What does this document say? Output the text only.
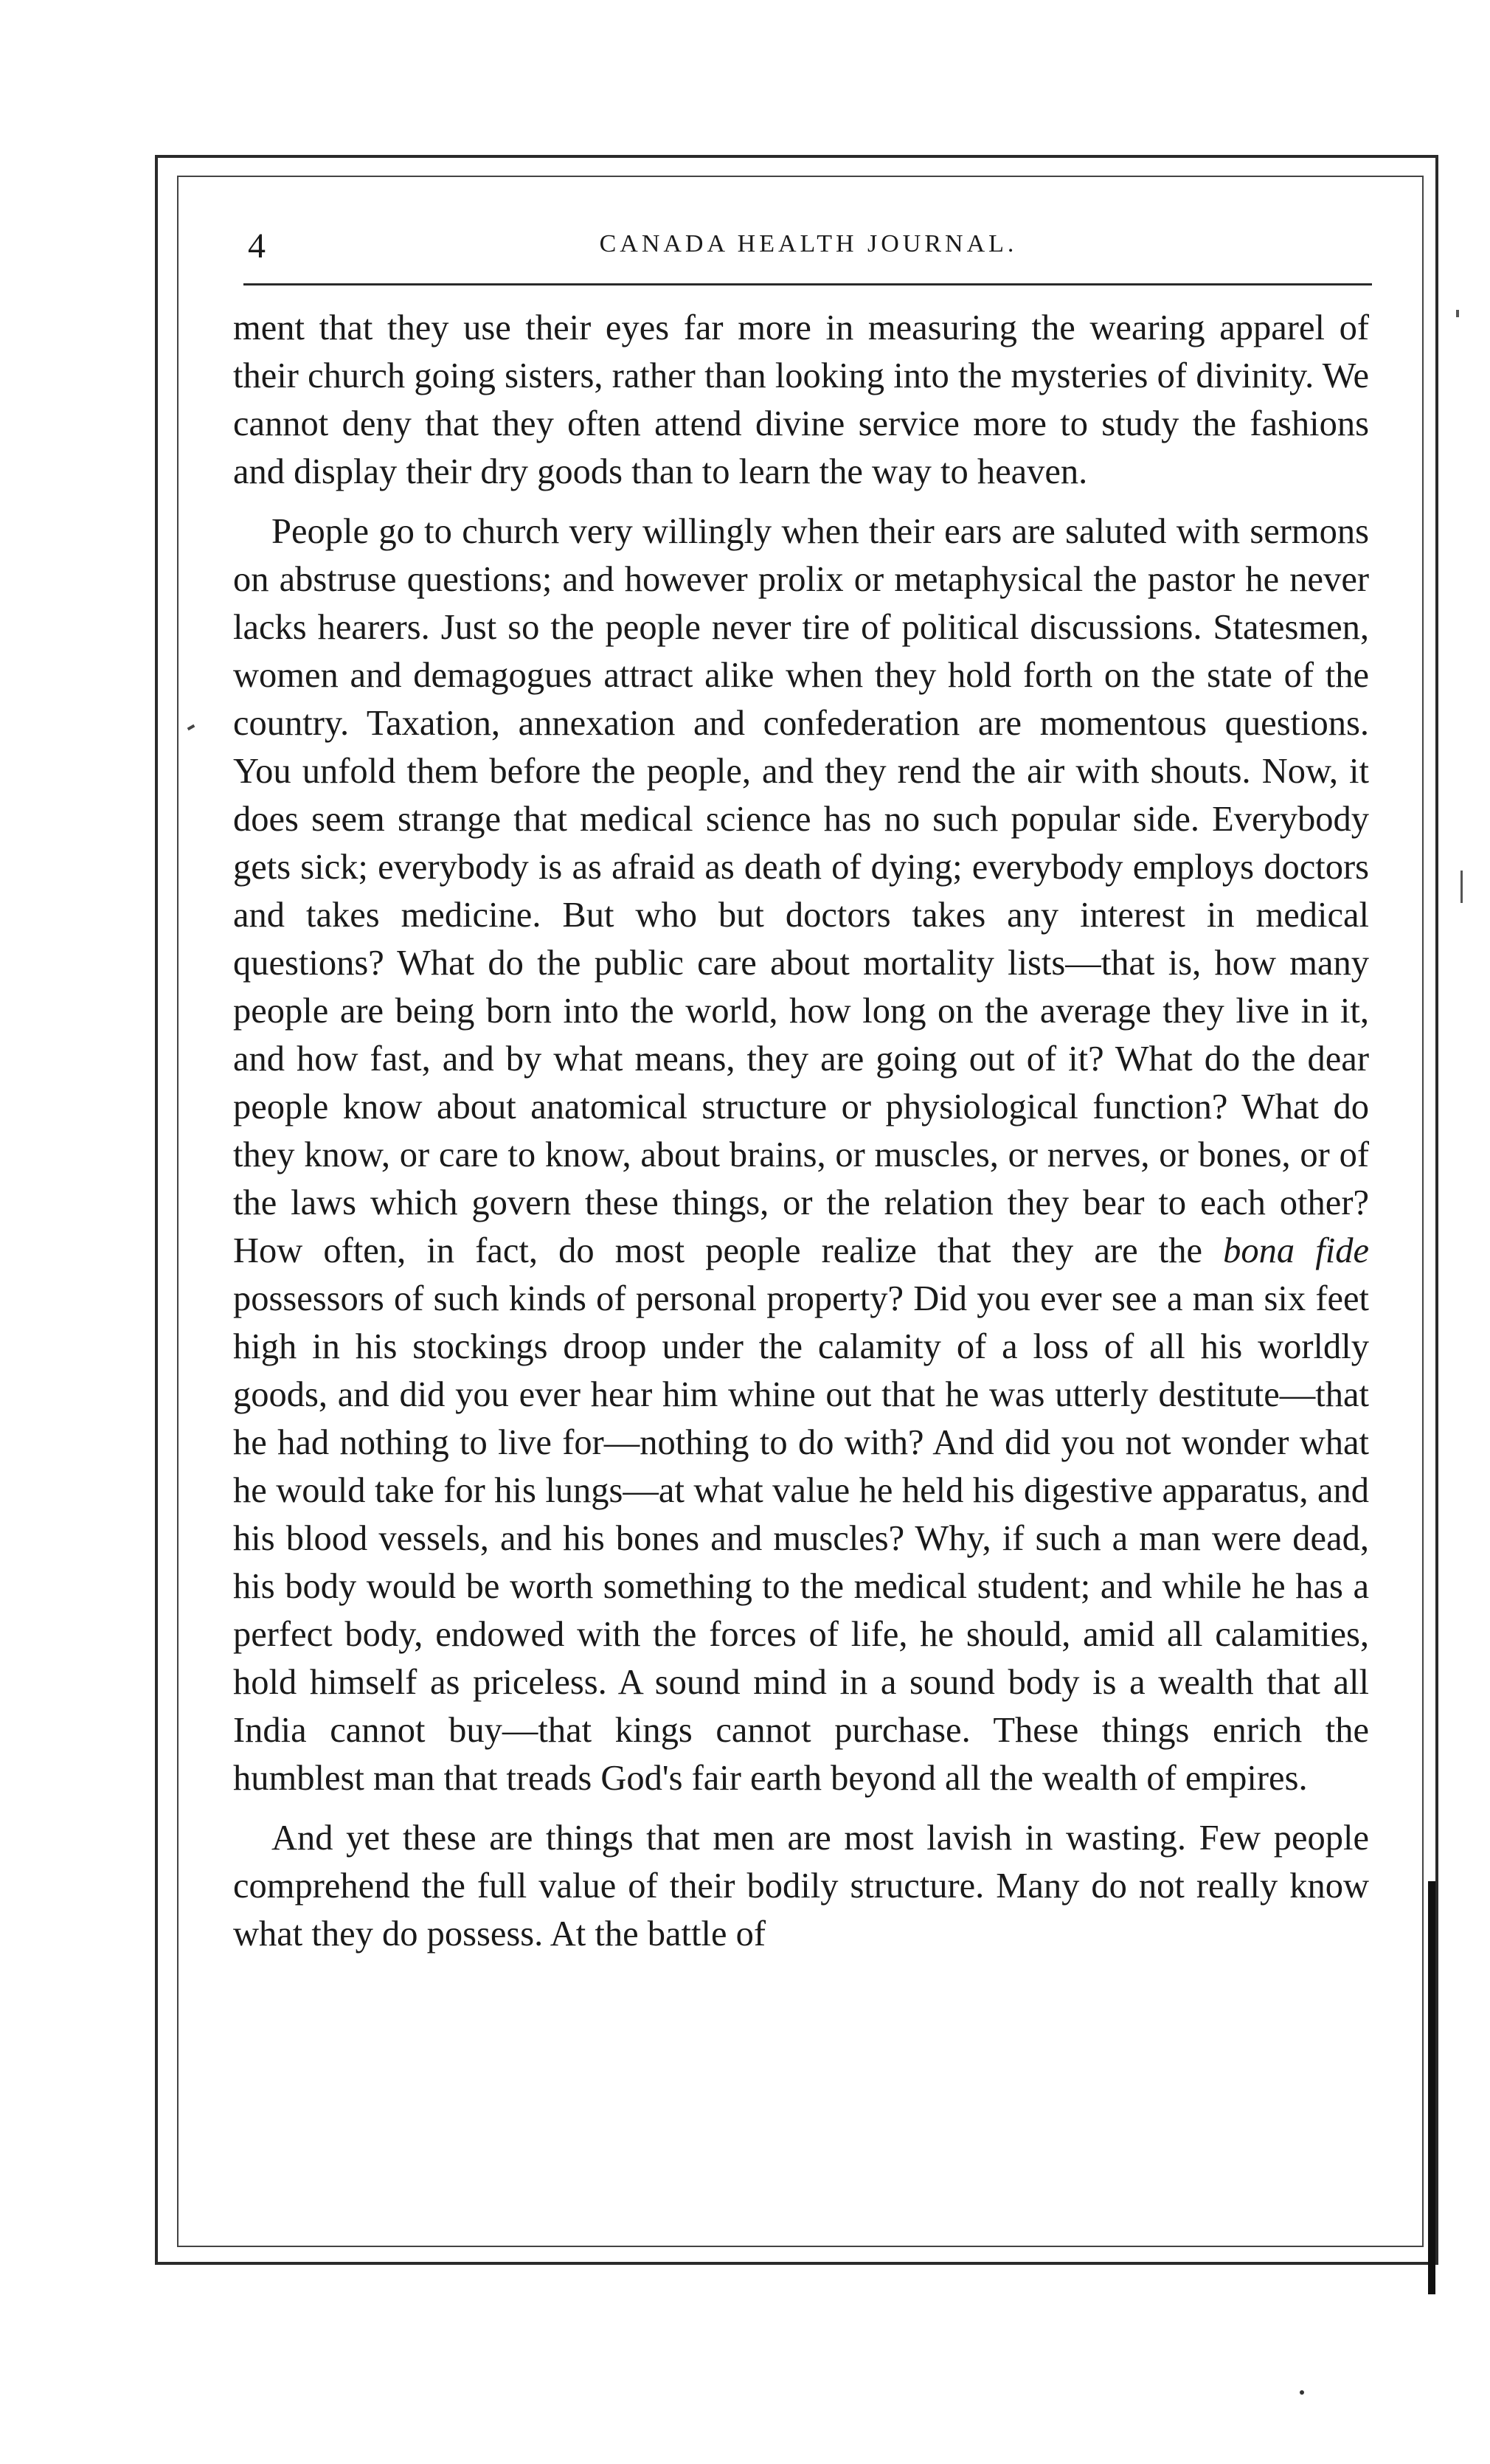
4	CANADA HEALTH JOURNAL.

ment that they use their eyes far more in measuring the wearing apparel of their church going sisters, rather than looking into the mysteries of divinity. We cannot deny that they often attend divine service more to study the fashions and display their dry goods than to learn the way to heaven.

People go to church very willingly when their ears are saluted with sermons on abstruse questions; and however prolix or metaphysical the pastor he never lacks hearers. Just so the people never tire of political discussions. Statesmen, women and demagogues attract alike when they hold forth on the state of the country. Taxation, annexation and confederation are momentous questions. You unfold them before the people, and they rend the air with shouts. Now, it does seem strange that medical science has no such popular side. Everybody gets sick; everybody is as afraid as death of dying; everybody employs doctors and takes medicine. But who but doctors takes any interest in medical questions? What do the public care about mortality lists—that is, how many people are being born into the world, how long on the average they live in it, and how fast, and by what means, they are going out of it? What do the dear people know about anatomical structure or physiological function? What do they know, or care to know, about brains, or muscles, or nerves, or bones, or of the laws which govern these things, or the relation they bear to each other? How often, in fact, do most people realize that they are the bona fide possessors of such kinds of personal property? Did you ever see a man six feet high in his stockings droop under the calamity of a loss of all his worldly goods, and did you ever hear him whine out that he was utterly destitute—that he had nothing to live for—nothing to do with? And did you not wonder what he would take for his lungs—at what value he held his digestive apparatus, and his blood vessels, and his bones and muscles? Why, if such a man were dead, his body would be worth something to the medical student; and while he has a perfect body, endowed with the forces of life, he should, amid all calamities, hold himself as priceless. A sound mind in a sound body is a wealth that all India cannot buy—that kings cannot purchase. These things enrich the humblest man that treads God's fair earth beyond all the wealth of empires.

And yet these are things that men are most lavish in wasting. Few people comprehend the full value of their bodily structure. Many do not really know what they do possess. At the battle of
